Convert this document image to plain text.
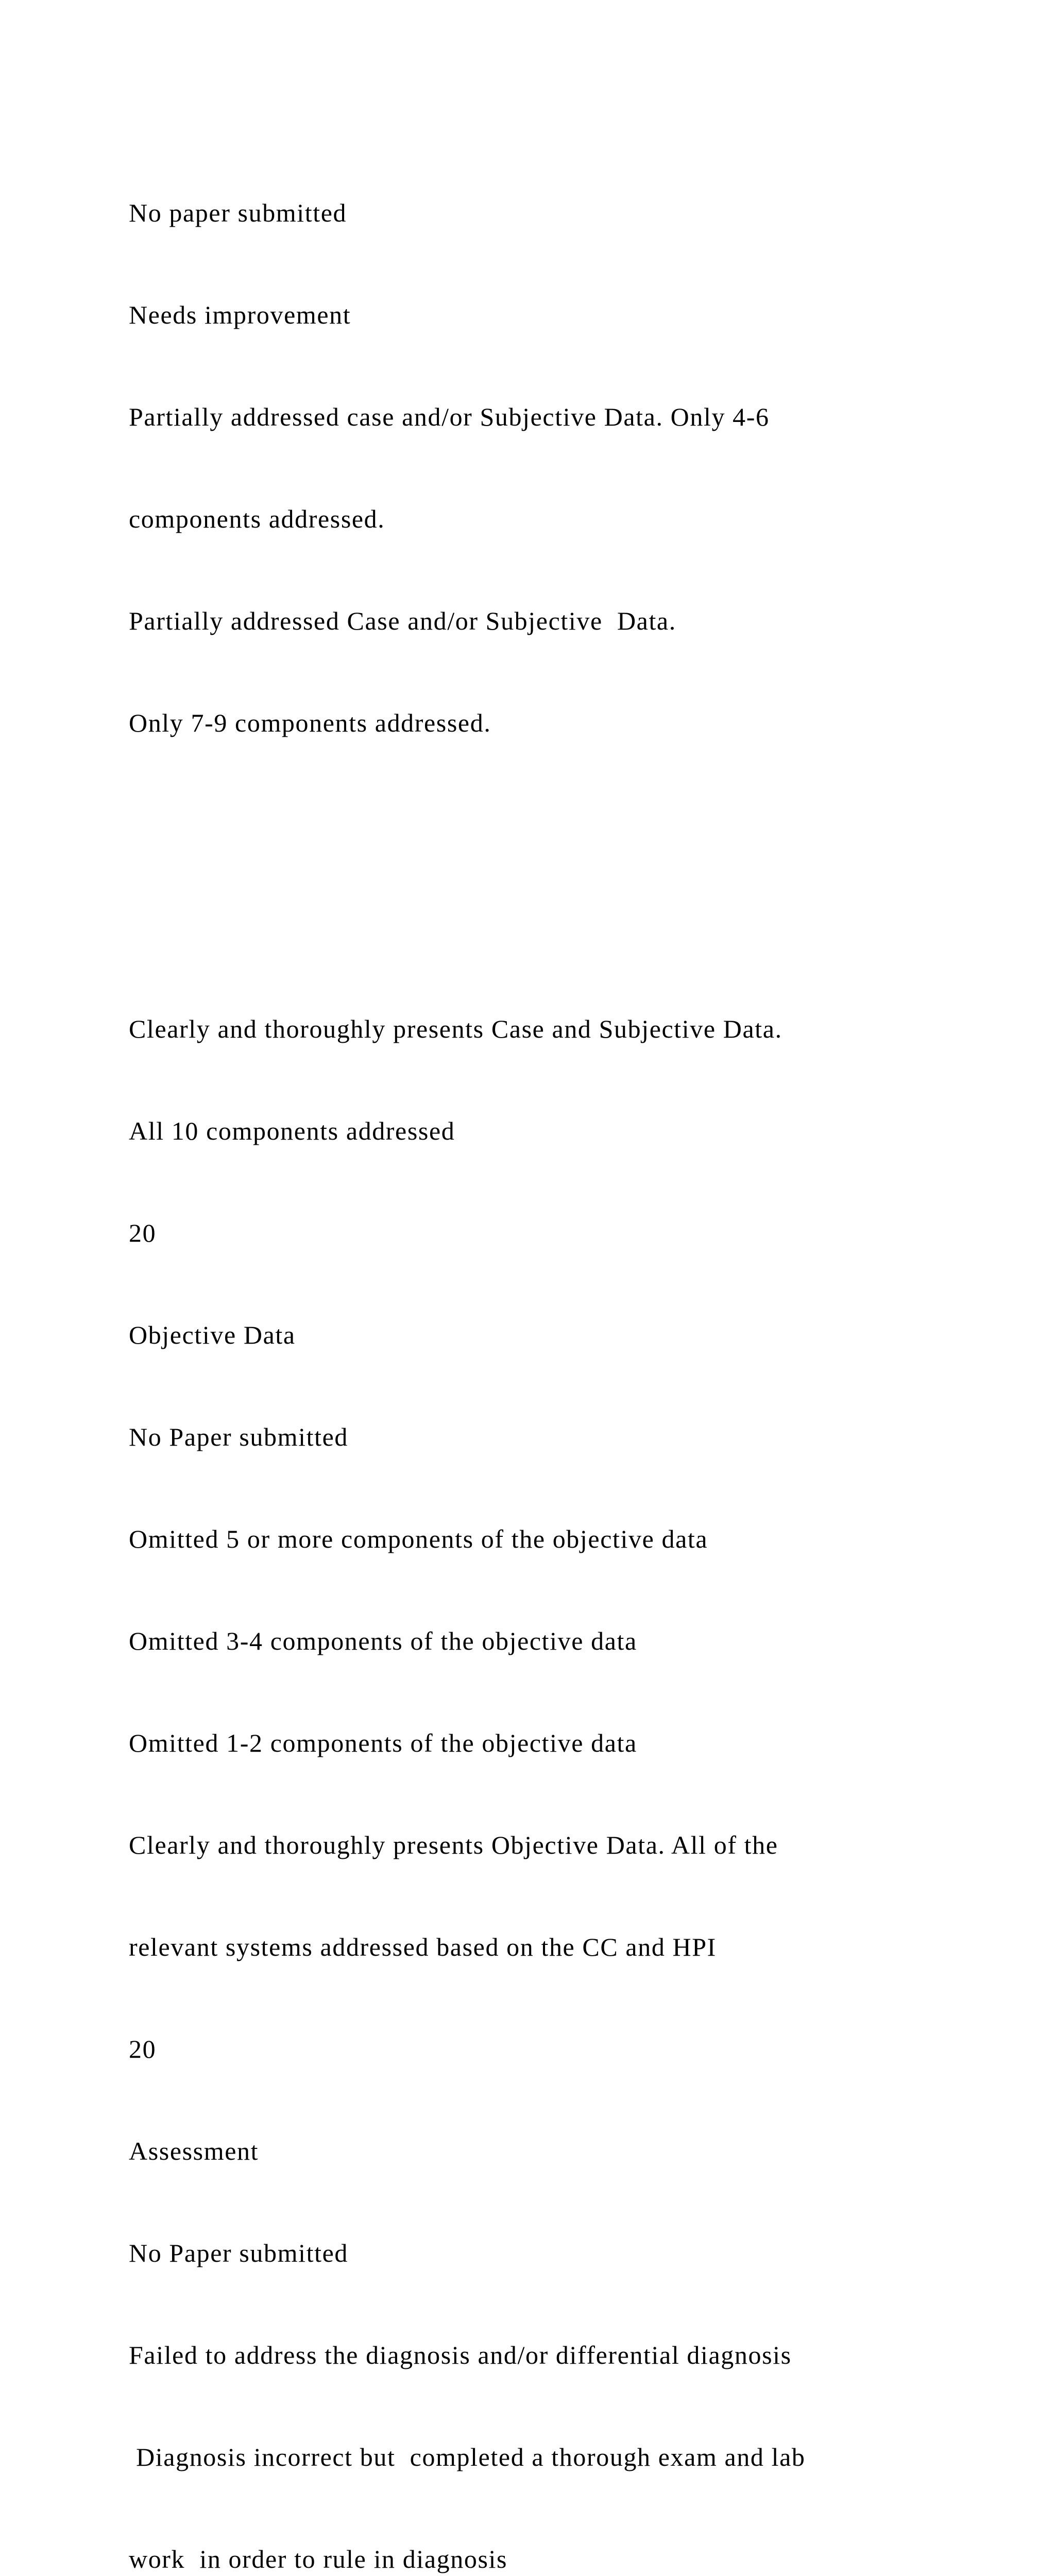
No paper submitted

Needs improvement

Partially addressed case and/or Subjective Data. Only 4-6

components addressed.

Partially addressed Case and/or Subjective  Data.

Only 7-9 components addressed.

Clearly and thoroughly presents Case and Subjective Data.

All 10 components addressed

20

Objective Data

No Paper submitted

Omitted 5 or more components of the objective data

Omitted 3-4 components of the objective data

Omitted 1-2 components of the objective data

Clearly and thoroughly presents Objective Data. All of the

relevant systems addressed based on the CC and HPI

20

Assessment

No Paper submitted

Failed to address the diagnosis and/or differential diagnosis

Diagnosis incorrect but  completed a thorough exam and lab

work  in order to rule in diagnosis
